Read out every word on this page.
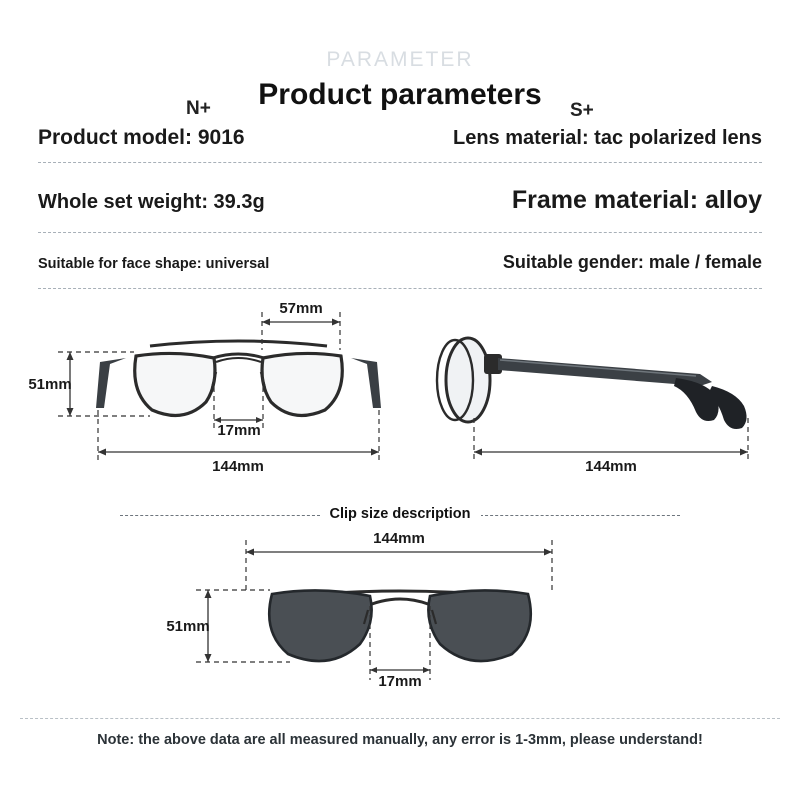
PARAMETER
Product parameters
N+	S+
Product model: 9016	Lens material: tac polarized lens
Whole set weight: 39.3g	Frame material: alloy
Suitable for face shape: universal	Suitable gender: male / female
57mm
51mm
17mm
144mm	144mm
Clip size description
144mm
51mm
17mm
Note: the above data are all measured manually, any error is 1-3mm, please understand!
